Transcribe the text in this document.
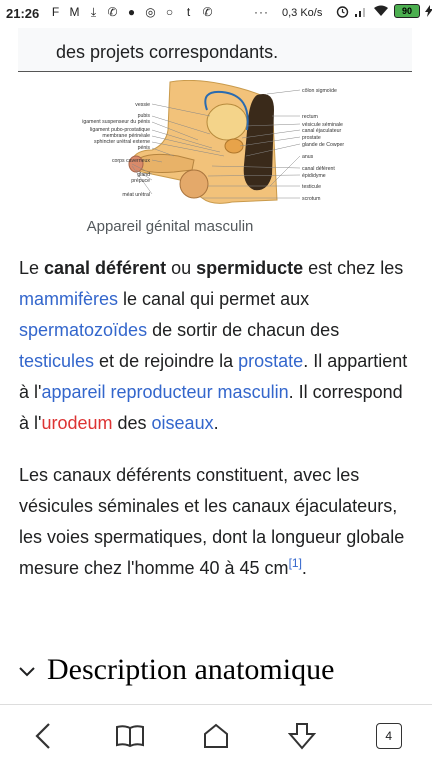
21:26	F M ⤓ ✆ ● ◎ ○	t	✆	··· 0,3 Ko/s	90
des projets correspondants.
vessie
pubis
ligament suspenseur du pénis
ligament pubo-prostatique
membrane périnéale
sphincter urétral externe
pénis
corps caverneux
gland
prépuce
méat urétral
côlon sigmoïde
rectum
vésicule séminale
canal éjaculateur
prostate
glande de Cowper
anus
canal déférent
épididyme
testicule
scrotum
Appareil génital masculin

Le canal déférent ou spermiducte est chez les mammifères le canal qui permet aux spermatozoïdes de sortir de chacun des testicules et de rejoindre la prostate. Il appartient à l'appareil reproducteur masculin. Il correspond à l'urodeum des oiseaux.

Les canaux déférents constituent, avec les vésicules séminales et les canaux éjaculateurs, les voies spermatiques, dont la longueur globale mesure chez l'homme 40 à 45 cm[1].

Description anatomique
4
